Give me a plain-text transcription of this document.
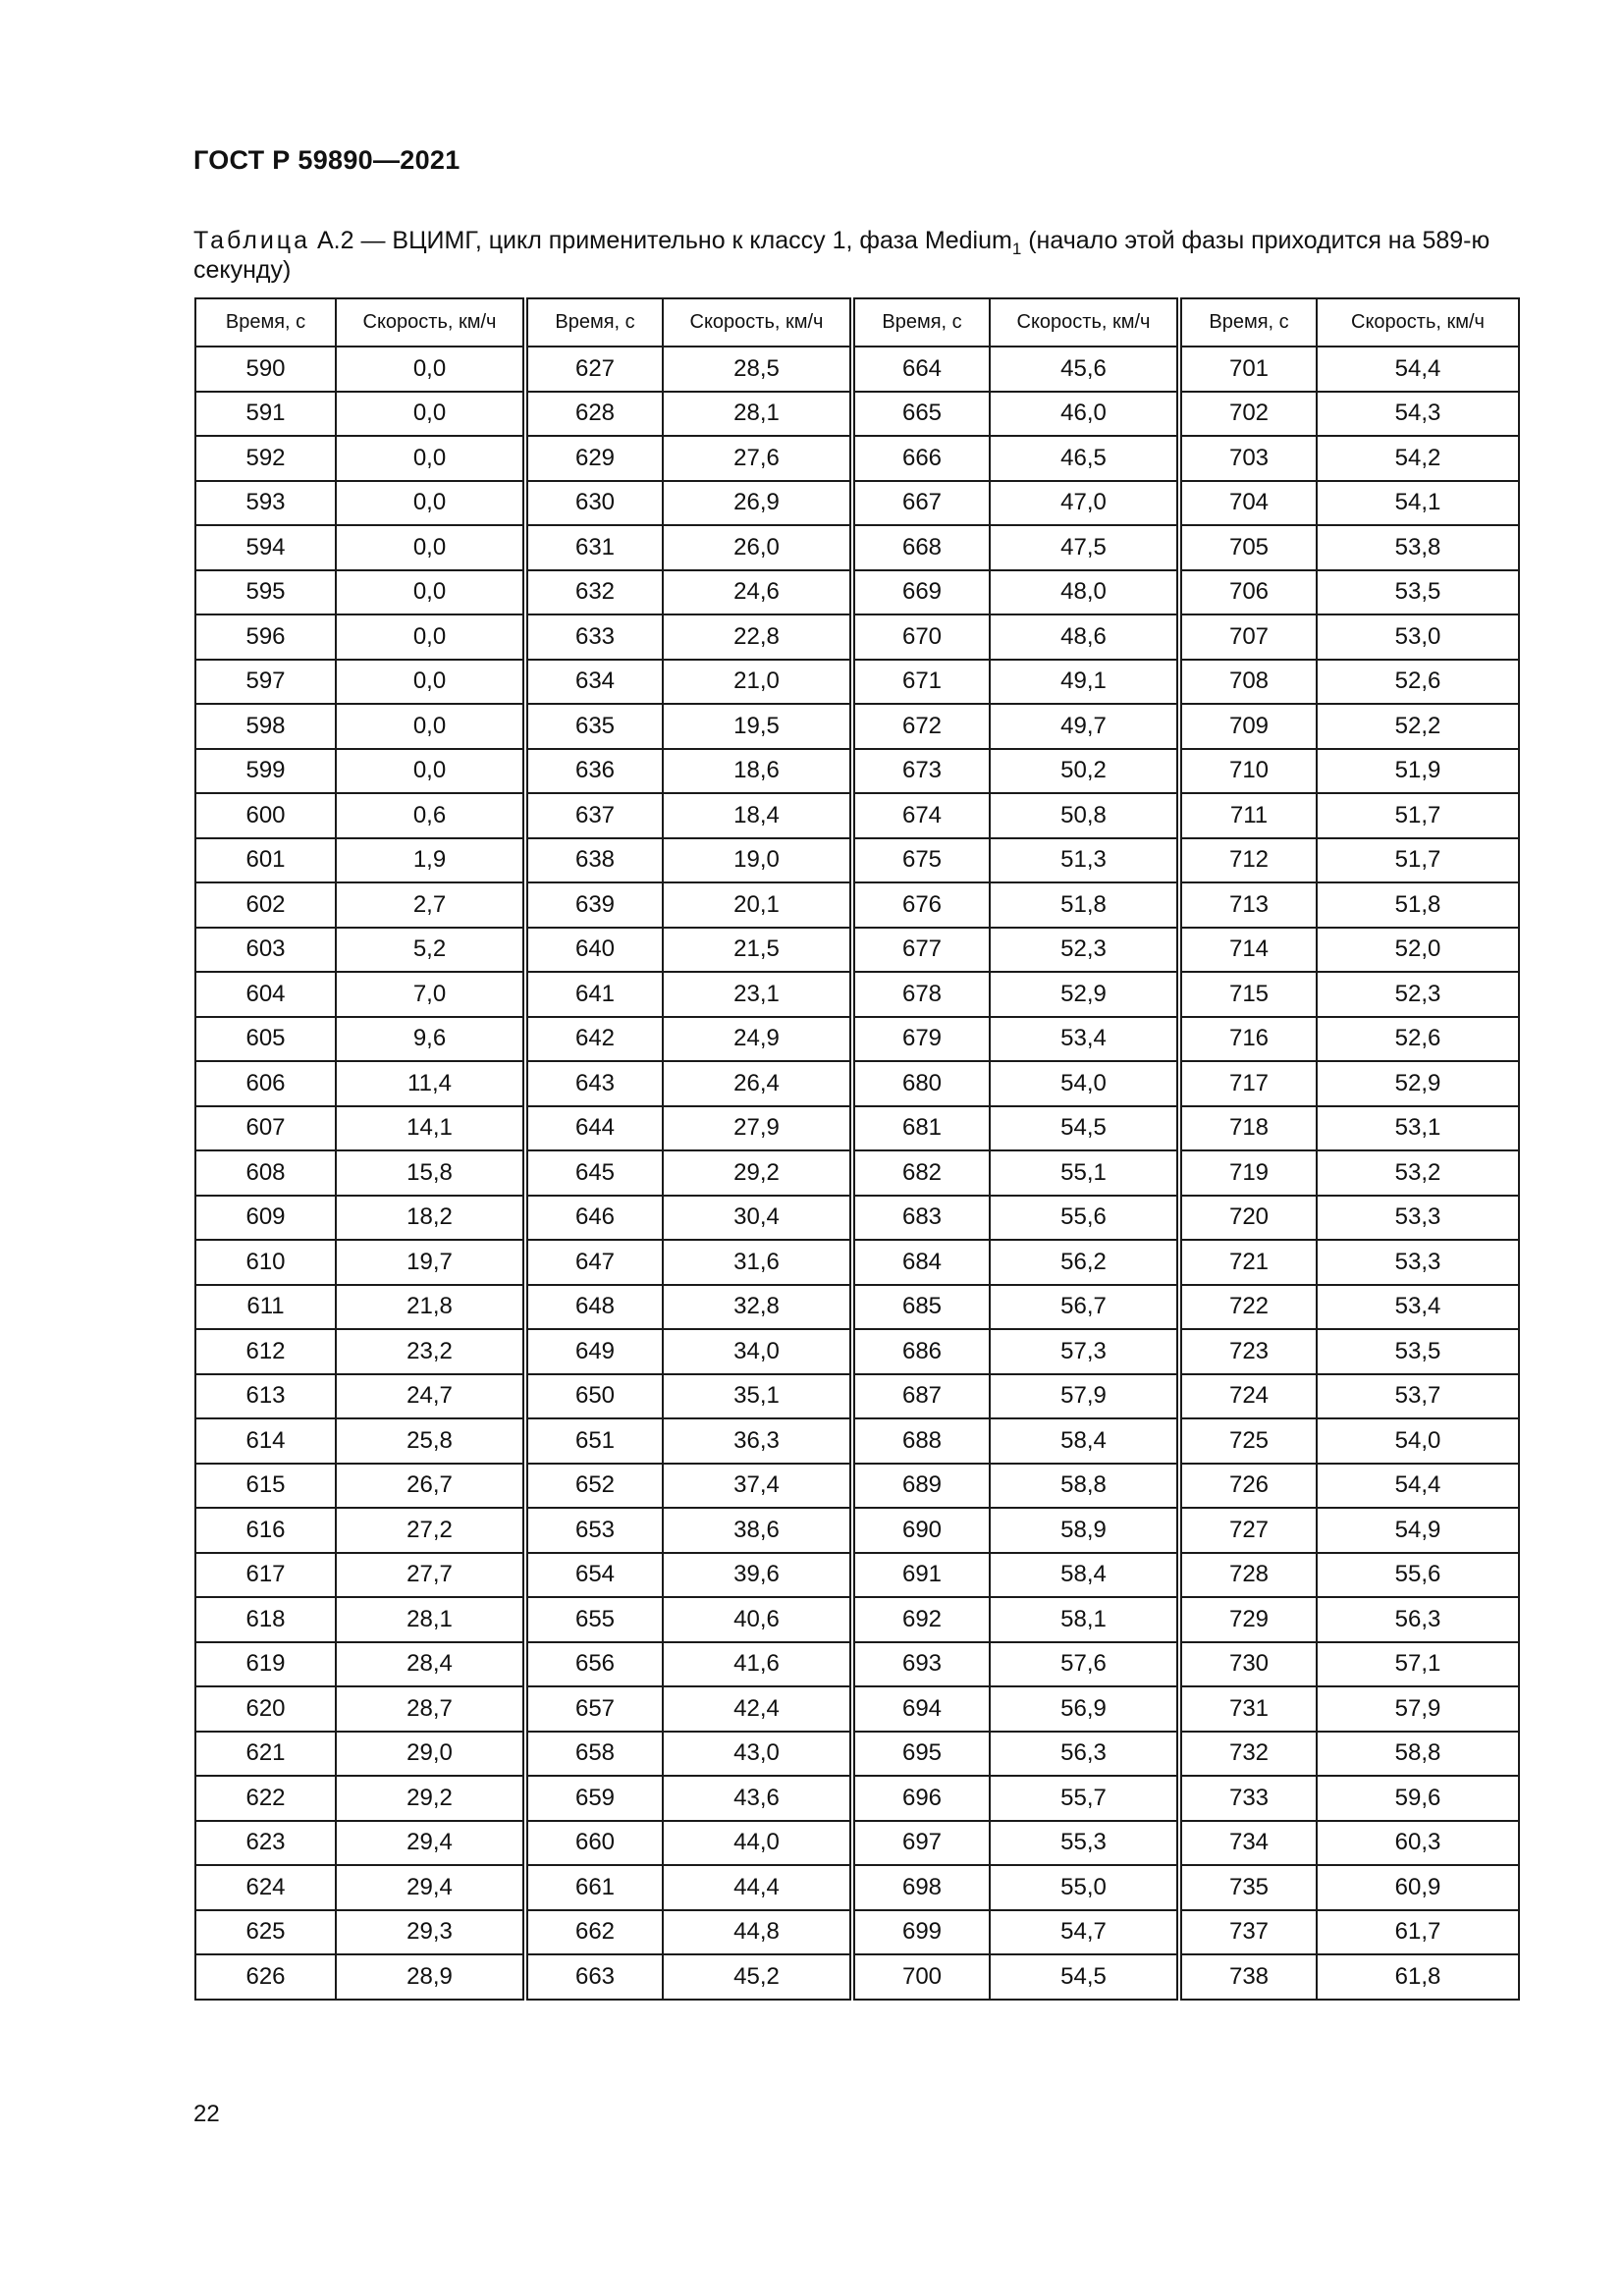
ГОСТ Р 59890—2021
Таблица А.2 — ВЦИМГ, цикл применительно к классу 1, фаза Medium$_1$ (начало этой фазы приходится на 589-ю секунду)
Время, с	Скорость, км/ч	Время, с	Скорость, км/ч	Время, с	Скорость, км/ч	Время, с	Скорость, км/ч
590	0,0	627	28,5	664	45,6	701	54,4
591	0,0	628	28,1	665	46,0	702	54,3
592	0,0	629	27,6	666	46,5	703	54,2
593	0,0	630	26,9	667	47,0	704	54,1
594	0,0	631	26,0	668	47,5	705	53,8
595	0,0	632	24,6	669	48,0	706	53,5
596	0,0	633	22,8	670	48,6	707	53,0
597	0,0	634	21,0	671	49,1	708	52,6
598	0,0	635	19,5	672	49,7	709	52,2
599	0,0	636	18,6	673	50,2	710	51,9
600	0,6	637	18,4	674	50,8	711	51,7
601	1,9	638	19,0	675	51,3	712	51,7
602	2,7	639	20,1	676	51,8	713	51,8
603	5,2	640	21,5	677	52,3	714	52,0
604	7,0	641	23,1	678	52,9	715	52,3
605	9,6	642	24,9	679	53,4	716	52,6
606	11,4	643	26,4	680	54,0	717	52,9
607	14,1	644	27,9	681	54,5	718	53,1
608	15,8	645	29,2	682	55,1	719	53,2
609	18,2	646	30,4	683	55,6	720	53,3
610	19,7	647	31,6	684	56,2	721	53,3
611	21,8	648	32,8	685	56,7	722	53,4
612	23,2	649	34,0	686	57,3	723	53,5
613	24,7	650	35,1	687	57,9	724	53,7
614	25,8	651	36,3	688	58,4	725	54,0
615	26,7	652	37,4	689	58,8	726	54,4
616	27,2	653	38,6	690	58,9	727	54,9
617	27,7	654	39,6	691	58,4	728	55,6
618	28,1	655	40,6	692	58,1	729	56,3
619	28,4	656	41,6	693	57,6	730	57,1
620	28,7	657	42,4	694	56,9	731	57,9
621	29,0	658	43,0	695	56,3	732	58,8
622	29,2	659	43,6	696	55,7	733	59,6
623	29,4	660	44,0	697	55,3	734	60,3
624	29,4	661	44,4	698	55,0	735	60,9
625	29,3	662	44,8	699	54,7	737	61,7
626	28,9	663	45,2	700	54,5	738	61,8
22
